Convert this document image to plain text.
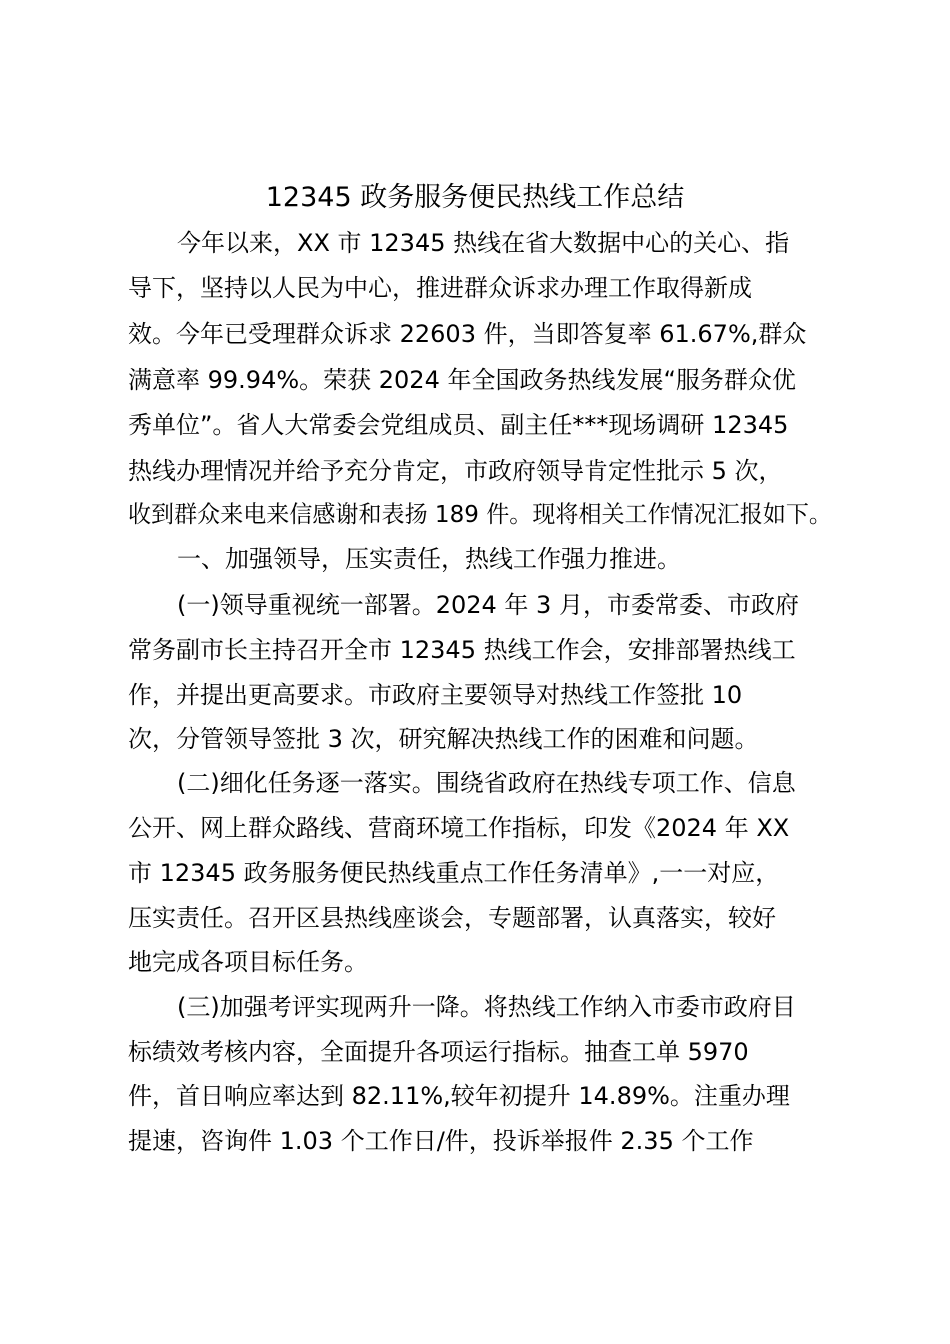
12345 政务服务便民热线工作总结
今年以来，XX 市 12345 热线在省大数据中心的关心、指
导下，坚持以人民为中心，推进群众诉求办理工作取得新成
效。今年已受理群众诉求 22603 件，当即答复率 61.67%,群众
满意率 99.94%。荣获 2024 年全国政务热线发展“服务群众优
秀单位”。省人大常委会党组成员、副主任***现场调研 12345
热线办理情况并给予充分肯定，市政府领导肯定性批示 5 次，
收到群众来电来信感谢和表扬 189 件。现将相关工作情况汇报如下。
一、加强领导，压实责任，热线工作强力推进。
(一)领导重视统一部署。2024 年 3 月，市委常委、市政府
常务副市长主持召开全市 12345 热线工作会，安排部署热线工
作，并提出更高要求。市政府主要领导对热线工作签批 10
次，分管领导签批 3 次，研究解决热线工作的困难和问题。
(二)细化任务逐一落实。围绕省政府在热线专项工作、信息
公开、网上群众路线、营商环境工作指标，印发《2024 年 XX
市 12345 政务服务便民热线重点工作任务清单》,一一对应，
压实责任。召开区县热线座谈会，专题部署，认真落实，较好
地完成各项目标任务。
(三)加强考评实现两升一降。将热线工作纳入市委市政府目
标绩效考核内容，全面提升各项运行指标。抽查工单 5970
件，首日响应率达到 82.11%,较年初提升 14.89%。注重办理
提速，咨询件 1.03 个工作日/件，投诉举报件 2.35 个工作
